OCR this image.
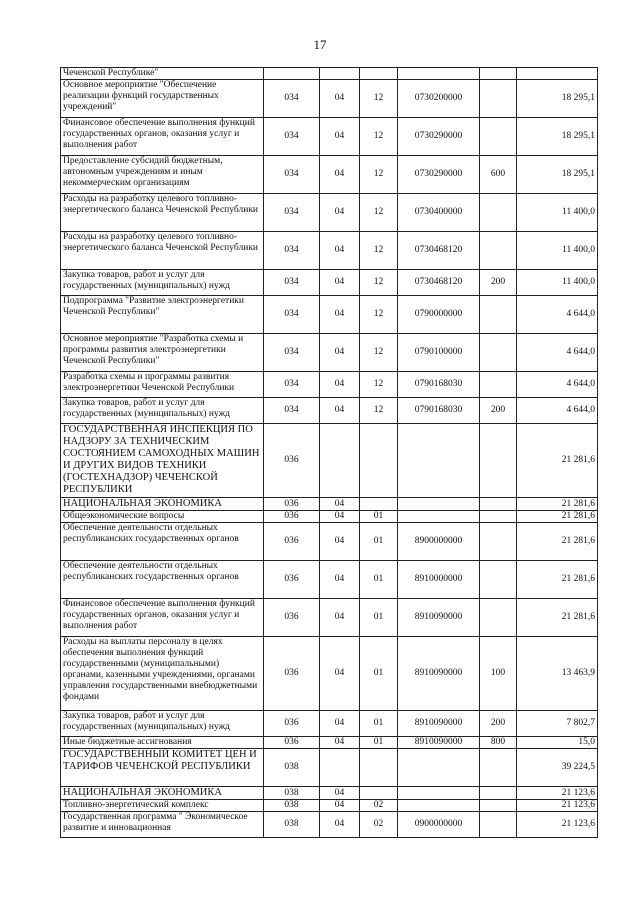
17
Чеченской Республике"						
Основное мероприятие "Обеспечение реализации функций государственных учреждений"	034	04	12	0730200000		18 295,1
Финансовое обеспечение выполнения функций государственных органов, оказания услуг и выполнения работ	034	04	12	0730290000		18 295,1
Предоставление субсидий бюджетным, автономным учреждениям и иным некоммерческим организациям	034	04	12	0730290000	600	18 295,1
Расходы на разработку целевого топливно-энергетического баланса Чеченской Республики	034	04	12	0730400000		11 400,0
Расходы на разработку целевого топливно-энергетического баланса Чеченской Республики	034	04	12	0730468120		11 400,0
Закупка товаров, работ и услуг для государственных (муниципальных) нужд	034	04	12	0730468120	200	11 400,0
Подпрограмма "Развитие электроэнергетики Чеченской Республики"	034	04	12	0790000000		4 644,0
Основное мероприятие "Разработка схемы и программы развития электроэнергетики Чеченской Республики"	034	04	12	0790100000		4 644,0
Разработка схемы и программы развития электроэнергетики Чеченской Республики	034	04	12	0790168030		4 644,0
Закупка товаров, работ и услуг для государственных (муниципальных) нужд	034	04	12	0790168030	200	4 644,0
ГОСУДАРСТВЕННАЯ ИНСПЕКЦИЯ ПО НАДЗОРУ ЗА ТЕХНИЧЕСКИМ СОСТОЯНИЕМ САМОХОДНЫХ МАШИН И ДРУГИХ ВИДОВ ТЕХНИКИ (ГОСТЕХНАДЗОР) ЧЕЧЕНСКОЙ РЕСПУБЛИКИ	036					21 281,6
НАЦИОНАЛЬНАЯ ЭКОНОМИКА	036	04				21 281,6
Общеэкономические вопросы	036	04	01			21 281,6
Обеспечение деятельности отдельных республиканских государственных органов	036	04	01	8900000000		21 281,6
Обеспечение деятельности отдельных республиканских государственных органов	036	04	01	8910000000		21 281,6
Финансовое обеспечение выполнения функций государственных органов, оказания услуг и выполнения работ	036	04	01	8910090000		21 281,6
Расходы на выплаты персоналу в целях обеспечения выполнения функций государственными (муниципальными) органами, казенными учреждениями, органами управления государственными внебюджетными фондами	036	04	01	8910090000	100	13 463,9
Закупка товаров, работ и услуг для государственных (муниципальных) нужд	036	04	01	8910090000	200	7 802,7
Иные бюджетные ассигнования	036	04	01	8910090000	800	15,0
ГОСУДАРСТВЕННЫЙ КОМИТЕТ ЦЕН И ТАРИФОВ ЧЕЧЕНСКОЙ РЕСПУБЛИКИ	038					39 224,5
НАЦИОНАЛЬНАЯ ЭКОНОМИКА	038	04				21 123,6
Топливно-энергетический комплекс	038	04	02			21 123,6
Государственная программа " Экономическое развитие и инновационная	038	04	02	0900000000		21 123,6
